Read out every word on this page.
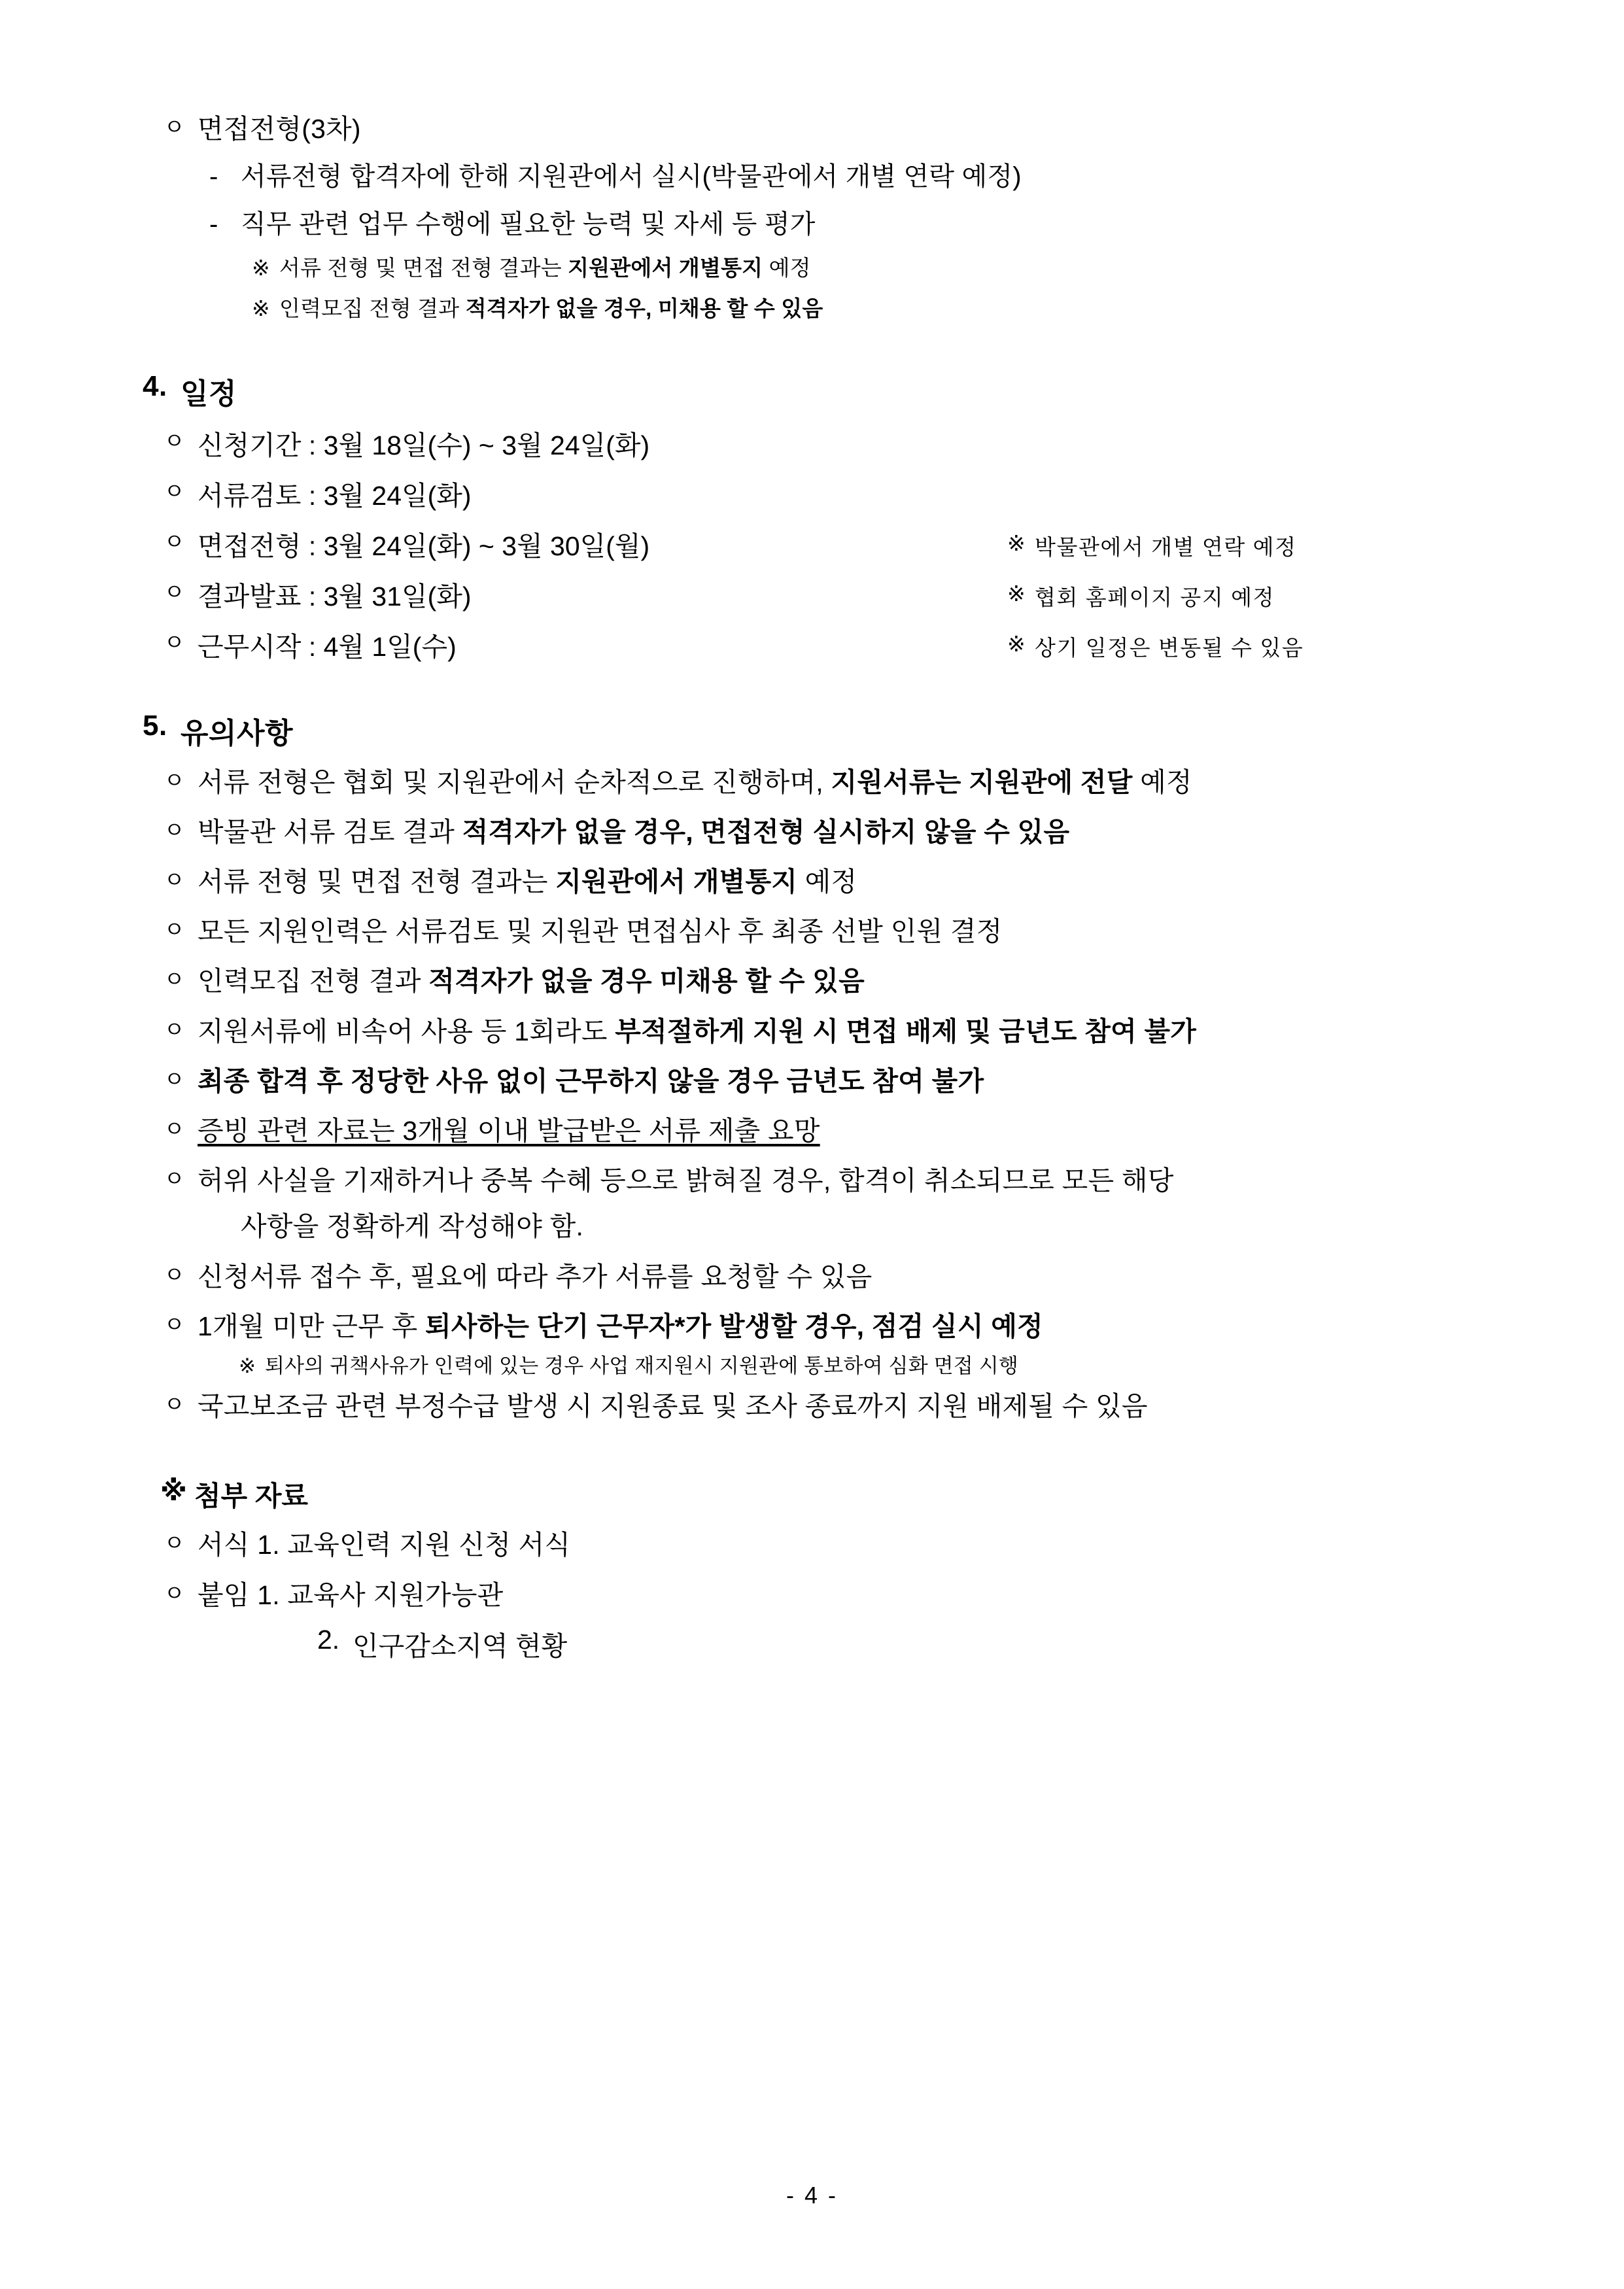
ㅇ 면접전형(3차)
- 서류전형 합격자에 한해 지원관에서 실시(박물관에서 개별 연락 예정)
- 직무 관련 업무 수행에 필요한 능력 및 자세 등 평가
※ 서류 전형 및 면접 전형 결과는 지원관에서 개별통지 예정
※ 인력모집 전형 결과 적격자가 없을 경우, 미채용 할 수 있음
4. 일정
ㅇ 신청기간 : 3월 18일(수) ~ 3월 24일(화)
ㅇ 서류검토 : 3월 24일(화)
ㅇ 면접전형 : 3월 24일(화) ~ 3월 30일(월)	※ 박물관에서 개별 연락 예정
ㅇ 결과발표 : 3월 31일(화)	※ 협회 홈페이지 공지 예정
ㅇ 근무시작 : 4월 1일(수)	※ 상기 일정은 변동될 수 있음
5. 유의사항
ㅇ 서류 전형은 협회 및 지원관에서 순차적으로 진행하며, 지원서류는 지원관에 전달 예정
ㅇ 박물관 서류 검토 결과 적격자가 없을 경우, 면접전형 실시하지 않을 수 있음
ㅇ 서류 전형 및 면접 전형 결과는 지원관에서 개별통지 예정
ㅇ 모든 지원인력은 서류검토 및 지원관 면접심사 후 최종 선발 인원 결정
ㅇ 인력모집 전형 결과 적격자가 없을 경우 미채용 할 수 있음
ㅇ 지원서류에 비속어 사용 등 1회라도 부적절하게 지원 시 면접 배제 및 금년도 참여 불가
ㅇ 최종 합격 후 정당한 사유 없이 근무하지 않을 경우 금년도 참여 불가
ㅇ 증빙 관련 자료는 3개월 이내 발급받은 서류 제출 요망
ㅇ 허위 사실을 기재하거나 중복 수혜 등으로 밝혀질 경우, 합격이 취소되므로 모든 해당
사항을 정확하게 작성해야 함.
ㅇ 신청서류 접수 후, 필요에 따라 추가 서류를 요청할 수 있음
ㅇ 1개월 미만 근무 후 퇴사하는 단기 근무자*가 발생할 경우, 점검 실시 예정
※ 퇴사의 귀책사유가 인력에 있는 경우 사업 재지원시 지원관에 통보하여 심화 면접 시행
ㅇ 국고보조금 관련 부정수급 발생 시 지원종료 및 조사 종료까지 지원 배제될 수 있음
※ 첨부 자료
ㅇ 서식 1. 교육인력 지원 신청 서식
ㅇ 붙임 1. 교육사 지원가능관
2. 인구감소지역 현황
- 4 -
